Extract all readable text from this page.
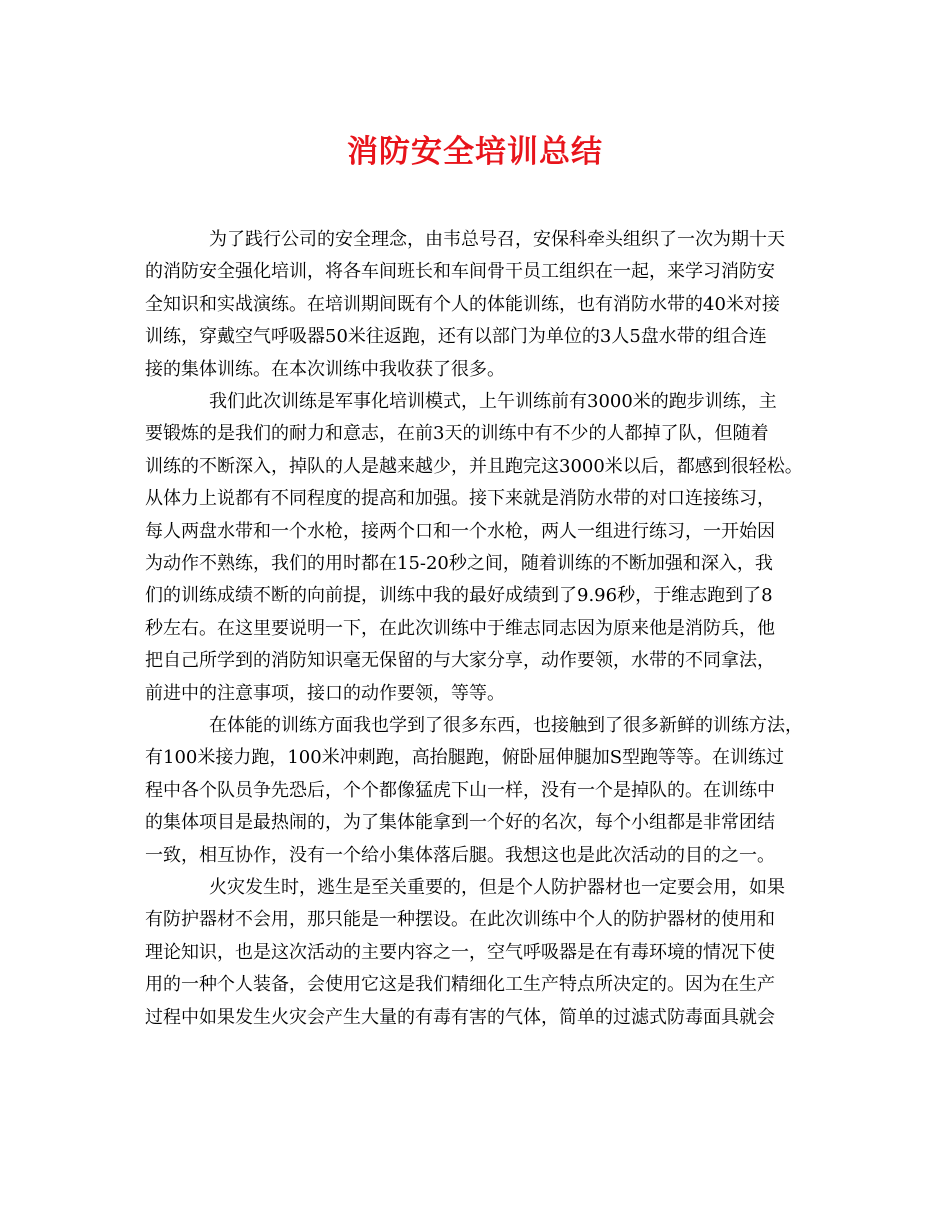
消防安全培训总结
为了践行公司的安全理念，由韦总号召，安保科牵头组织了一次为期十天
的消防安全强化培训，将各车间班长和车间骨干员工组织在一起，来学习消防安
全知识和实战演练。在培训期间既有个人的体能训练，也有消防水带的40米对接
训练，穿戴空气呼吸器50米往返跑，还有以部门为单位的3人5盘水带的组合连
接的集体训练。在本次训练中我收获了很多。
我们此次训练是军事化培训模式，上午训练前有3000米的跑步训练，主
要锻炼的是我们的耐力和意志，在前3天的训练中有不少的人都掉了队，但随着
训练的不断深入，掉队的人是越来越少，并且跑完这3000米以后，都感到很轻松。
从体力上说都有不同程度的提高和加强。接下来就是消防水带的对口连接练习，
每人两盘水带和一个水枪，接两个口和一个水枪，两人一组进行练习，一开始因
为动作不熟练，我们的用时都在15-20秒之间，随着训练的不断加强和深入，我
们的训练成绩不断的向前提，训练中我的最好成绩到了9.96秒，于维志跑到了8
秒左右。在这里要说明一下，在此次训练中于维志同志因为原来他是消防兵，他
把自己所学到的消防知识毫无保留的与大家分享，动作要领，水带的不同拿法，
前进中的注意事项，接口的动作要领，等等。
在体能的训练方面我也学到了很多东西，也接触到了很多新鲜的训练方法，
有100米接力跑，100米冲刺跑，高抬腿跑，俯卧屈伸腿加S型跑等等。在训练过
程中各个队员争先恐后，个个都像猛虎下山一样，没有一个是掉队的。在训练中
的集体项目是最热闹的，为了集体能拿到一个好的名次，每个小组都是非常团结
一致，相互协作，没有一个给小集体落后腿。我想这也是此次活动的目的之一。
火灾发生时，逃生是至关重要的，但是个人防护器材也一定要会用，如果
有防护器材不会用，那只能是一种摆设。在此次训练中个人的防护器材的使用和
理论知识，也是这次活动的主要内容之一，空气呼吸器是在有毒环境的情况下使
用的一种个人装备，会使用它这是我们精细化工生产特点所决定的。因为在生产
过程中如果发生火灾会产生大量的有毒有害的气体，简单的过滤式防毒面具就会
